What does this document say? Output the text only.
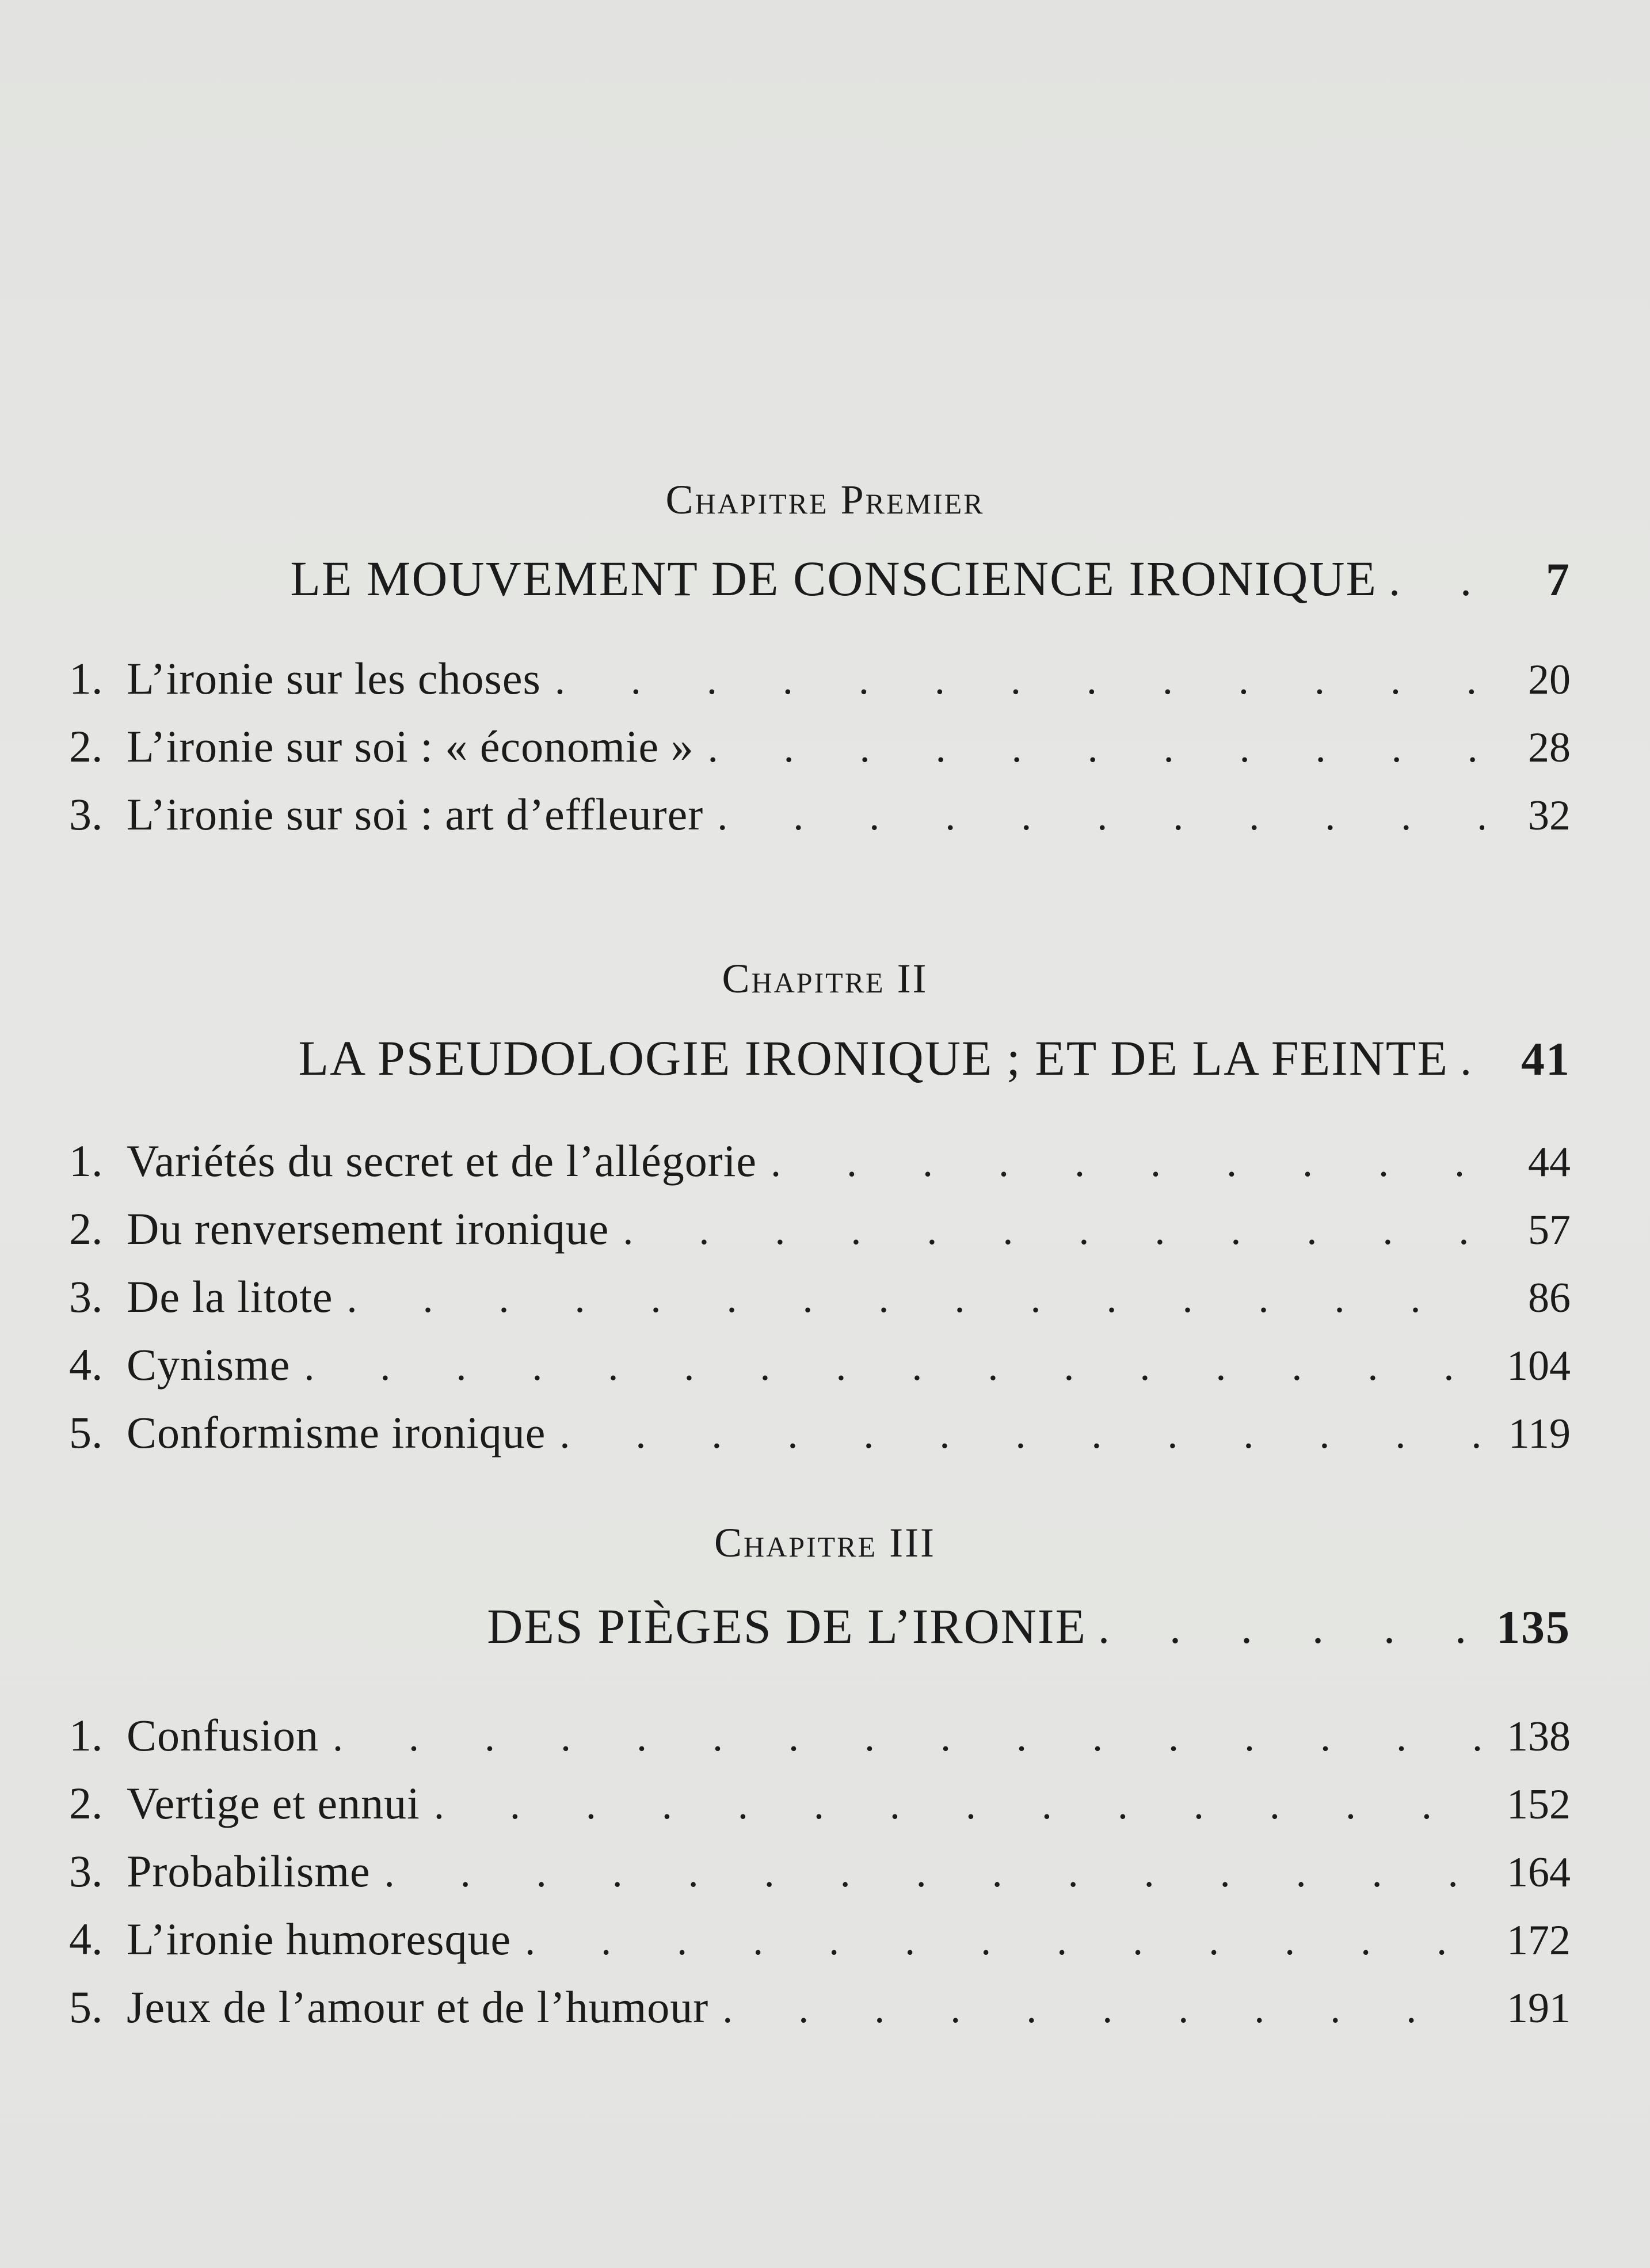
Chapitre Premier
LE MOUVEMENT DE CONSCIENCE IRONIQUE . .	7
1. L’ironie sur les choses . . .	20
2. L’ironie sur soi : « économie » . . .	28
3. L’ironie sur soi : art d’effleurer . . .	32
Chapitre II
LA PSEUDOLOGIE IRONIQUE ; ET DE LA FEINTE .	41
1. Variétés du secret et de l’allégorie . . .	44
2. Du renversement ironique . . .	57
3. De la litote . . .	86
4. Cynisme . . .	104
5. Conformisme ironique . . .	119
Chapitre III
DES PIÈGES DE L’IRONIE . . .	135
1. Confusion . . .	138
2. Vertige et ennui . . .	152
3. Probabilisme . . .	164
4. L’ironie humoresque . . .	172
5. Jeux de l’amour et de l’humour . . .	191
